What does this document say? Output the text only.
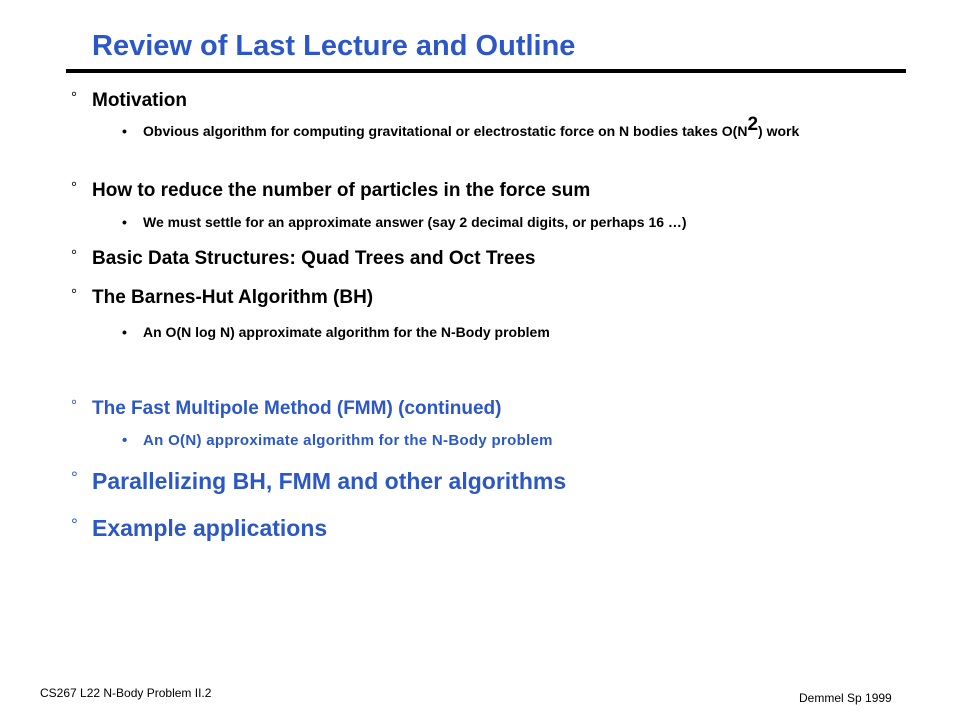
Review of Last Lecture and Outline
° Motivation
•	Obvious algorithm for computing gravitational or electrostatic force on N bodies takes O(N2) work
° How to reduce the number of particles in the force sum
•	We must settle for an approximate answer (say 2 decimal digits, or perhaps 16 …)
° Basic Data Structures: Quad Trees and Oct Trees
° The Barnes-Hut Algorithm (BH)
•	An O(N log N) approximate algorithm for the N-Body problem
° The Fast Multipole Method (FMM) (continued)
•	An O(N) approximate algorithm for the N-Body problem
° Parallelizing BH, FMM and other algorithms
° Example applications
CS267 L22 N-Body Problem II.2	Demmel Sp 1999
